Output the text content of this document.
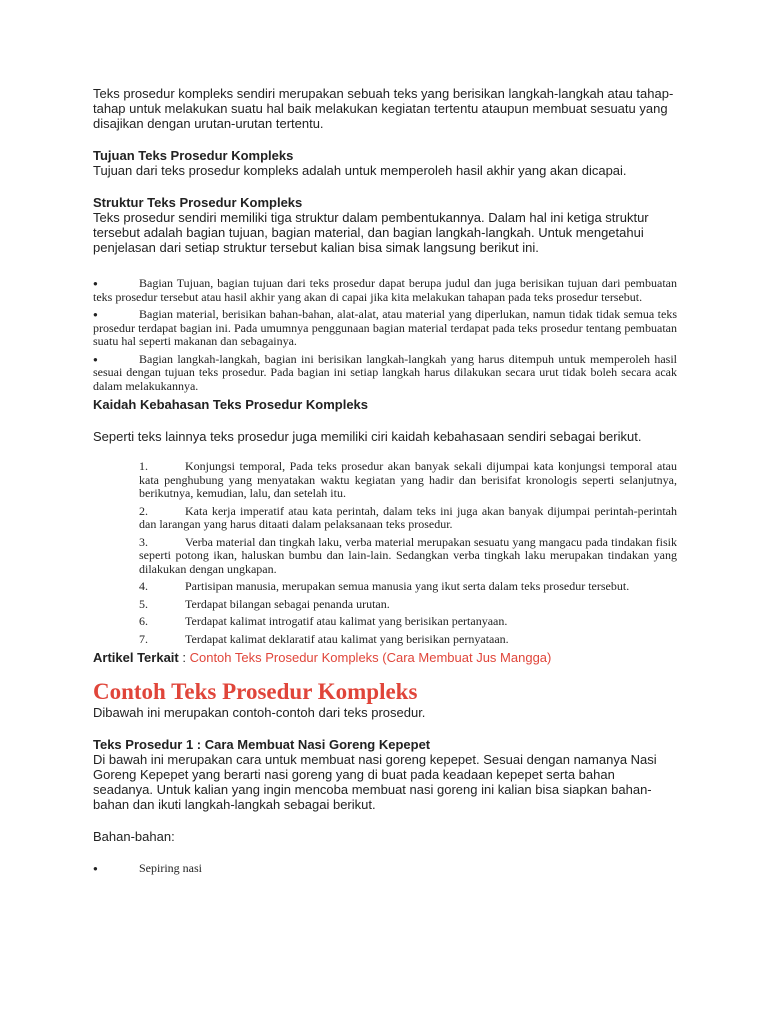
Teks prosedur kompleks sendiri merupakan sebuah teks yang berisikan langkah-langkah atau tahap-tahap untuk melakukan suatu hal baik melakukan kegiatan tertentu ataupun membuat sesuatu yang disajikan dengan urutan-urutan tertentu.

Tujuan Teks Prosedur Kompleks

Tujuan dari teks prosedur kompleks adalah untuk memperoleh hasil akhir yang akan dicapai.

Struktur Teks Prosedur Kompleks

Teks prosedur sendiri memiliki tiga struktur dalam pembentukannya. Dalam hal ini ketiga struktur tersebut adalah bagian tujuan, bagian material, dan bagian langkah-langkah. Untuk mengetahui penjelasan dari setiap struktur tersebut kalian bisa simak langsung berikut ini.

●	Bagian Tujuan, bagian tujuan dari teks prosedur dapat berupa judul dan juga berisikan tujuan dari pembuatan teks prosedur tersebut atau hasil akhir yang akan di capai jika kita melakukan tahapan pada teks prosedur tersebut.
●	Bagian material, berisikan bahan-bahan, alat-alat, atau material yang diperlukan, namun tidak tidak semua teks prosedur terdapat bagian ini. Pada umumnya penggunaan bagian material terdapat pada teks prosedur tentang pembuatan suatu hal seperti makanan dan sebagainya.
●	Bagian langkah-langkah, bagian ini berisikan langkah-langkah yang harus ditempuh untuk memperoleh hasil sesuai dengan tujuan teks prosedur. Pada bagian ini setiap langkah harus dilakukan secara urut tidak boleh secara acak dalam melakukannya.

Kaidah Kebahasan Teks Prosedur Kompleks

Seperti teks lainnya teks prosedur juga memiliki ciri kaidah kebahasaan sendiri sebagai berikut.

1.	Konjungsi temporal, Pada teks prosedur akan banyak sekali dijumpai kata konjungsi temporal atau kata penghubung yang menyatakan waktu kegiatan yang hadir dan berisifat kronologis seperti selanjutnya, berikutnya, kemudian, lalu, dan setelah itu.
2.	Kata kerja imperatif atau kata perintah, dalam teks ini juga akan banyak dijumpai perintah-perintah dan larangan yang harus ditaati dalam pelaksanaan teks prosedur.
3.	Verba material dan tingkah laku, verba material merupakan sesuatu yang mangacu pada tindakan fisik seperti potong ikan, haluskan bumbu dan lain-lain. Sedangkan verba tingkah laku merupakan tindakan yang dilakukan dengan ungkapan.
4.	Partisipan manusia, merupakan semua manusia yang ikut serta dalam teks prosedur tersebut.
5.	Terdapat bilangan sebagai penanda urutan.
6.	Terdapat kalimat introgatif atau kalimat yang berisikan pertanyaan.
7.	Terdapat kalimat deklaratif atau kalimat yang berisikan pernyataan.

Artikel Terkait : Contoh Teks Prosedur Kompleks (Cara Membuat Jus Mangga)

Contoh Teks Prosedur Kompleks

Dibawah ini merupakan contoh-contoh dari teks prosedur.

Teks Prosedur 1 : Cara Membuat Nasi Goreng Kepepet

Di bawah ini merupakan cara untuk membuat nasi goreng kepepet. Sesuai dengan namanya Nasi Goreng Kepepet yang berarti nasi goreng yang di buat pada keadaan kepepet serta bahan seadanya. Untuk kalian yang ingin mencoba membuat nasi goreng ini kalian bisa siapkan bahan-bahan dan ikuti langkah-langkah sebagai berikut.

Bahan-bahan:

●	Sepiring nasi
